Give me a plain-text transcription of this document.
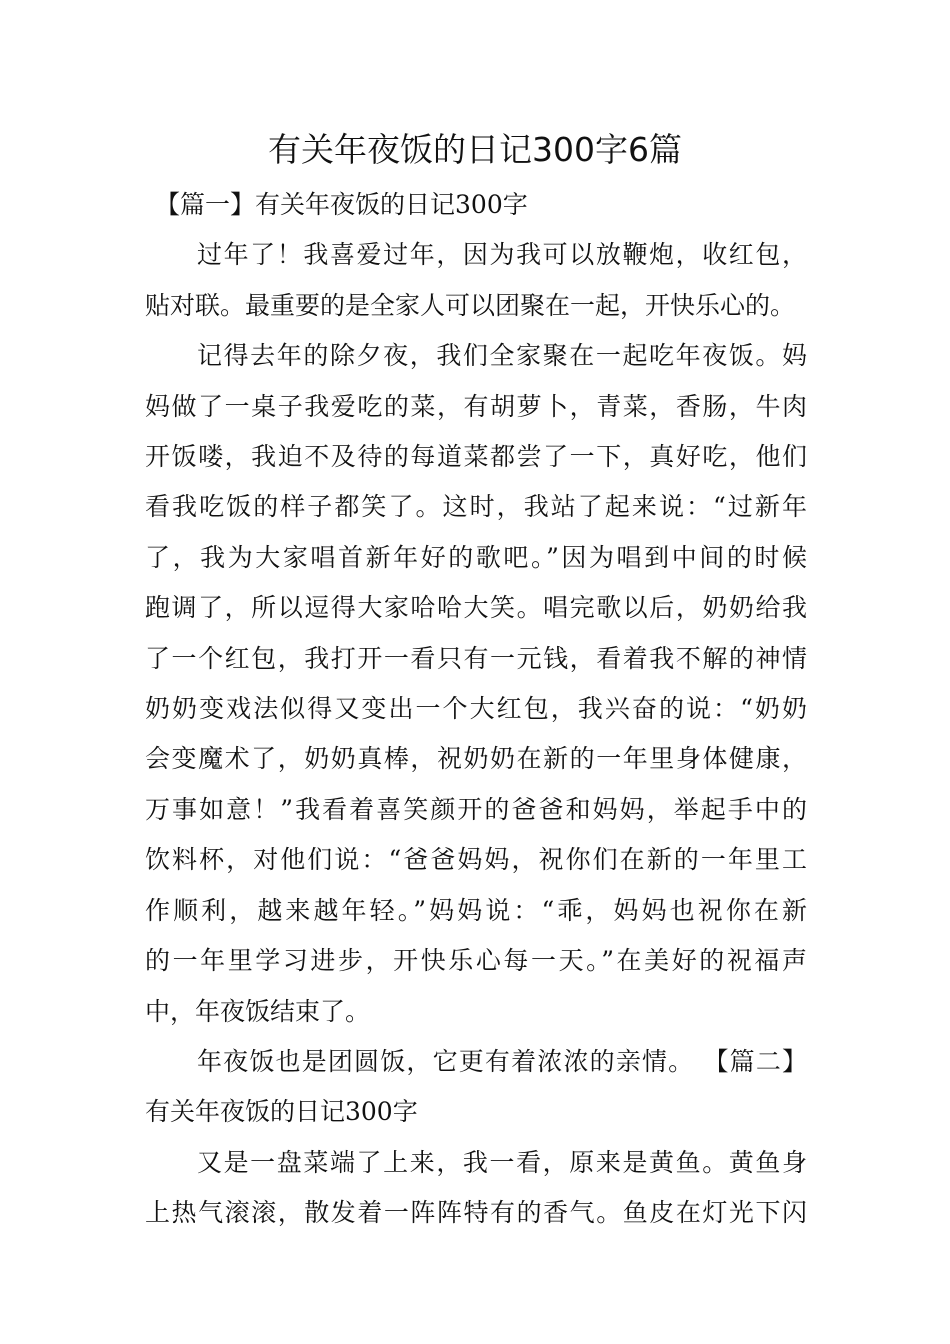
有关年夜饭的日记300字6篇

【篇一】有关年夜饭的日记300字

过年了！我喜爱过年，因为我可以放鞭炮，收红包，
贴对联。最重要的是全家人可以团聚在一起，开快乐心的。

记得去年的除夕夜，我们全家聚在一起吃年夜饭。妈
妈做了一桌子我爱吃的菜，有胡萝卜，青菜，香肠，牛肉
开饭喽，我迫不及待的每道菜都尝了一下，真好吃，他们
看我吃饭的样子都笑了。这时，我站了起来说：“过新年
了，我为大家唱首新年好的歌吧。”因为唱到中间的时候
跑调了，所以逗得大家哈哈大笑。唱完歌以后，奶奶给我
了一个红包，我打开一看只有一元钱，看着我不解的神情
奶奶变戏法似得又变出一个大红包，我兴奋的说：“奶奶
会变魔术了，奶奶真棒，祝奶奶在新的一年里身体健康，
万事如意！”我看着喜笑颜开的爸爸和妈妈，举起手中的
饮料杯，对他们说：“爸爸妈妈，祝你们在新的一年里工
作顺利，越来越年轻。”妈妈说：“乖，妈妈也祝你在新
的一年里学习进步，开快乐心每一天。”在美好的祝福声
中，年夜饭结束了。

年夜饭也是团圆饭，它更有着浓浓的亲情。 【篇二】
有关年夜饭的日记300字

又是一盘菜端了上来，我一看，原来是黄鱼。黄鱼身
上热气滚滚，散发着一阵阵特有的香气。鱼皮在灯光下闪
